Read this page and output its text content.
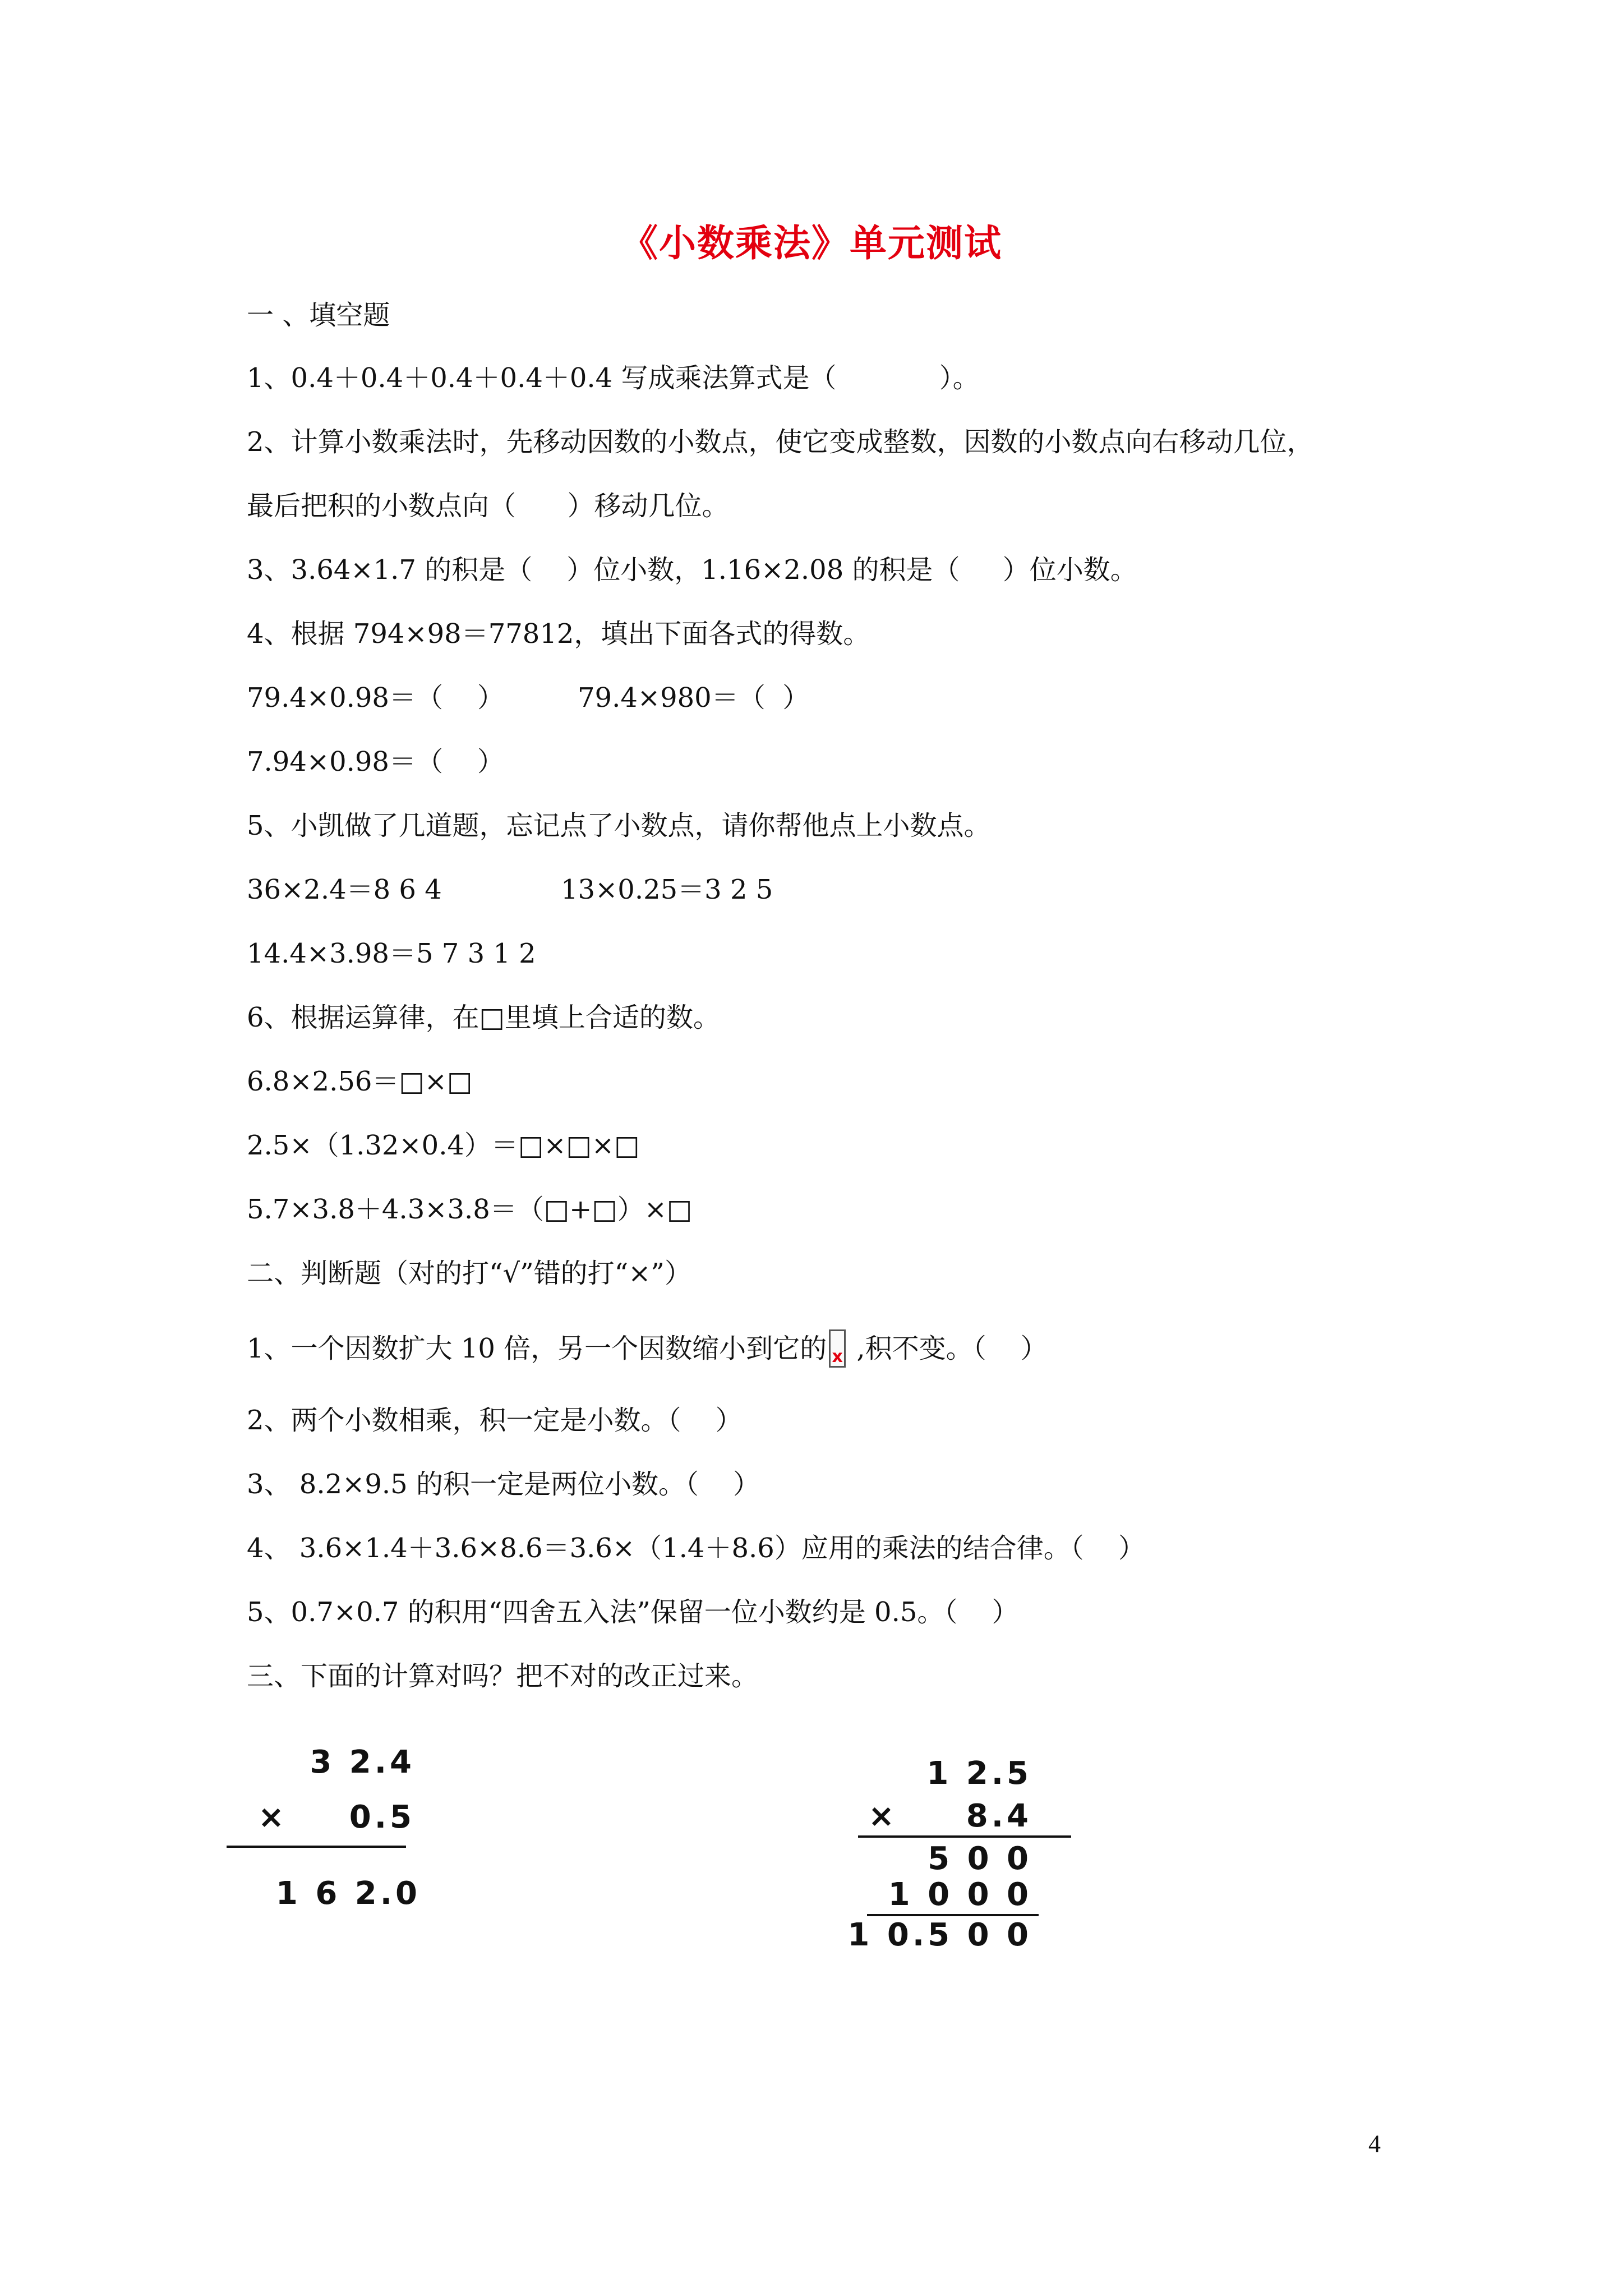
《小数乘法》单元测试
一 、填空题
1、0.4＋0.4＋0.4＋0.4＋0.4 写成乘法算式是（            ）。
2、计算小数乘法时，先移动因数的小数点，使它变成整数，因数的小数点向右移动几位，
最后把积的小数点向（      ）移动几位。
3、3.64×1.7 的积是（    ）位小数，1.16×2.08 的积是（     ）位小数。
4、根据 794×98＝77812，填出下面各式的得数。
79.4×0.98＝（    ）	79.4×980＝（  ）
7.94×0.98＝（    ）
5、小凯做了几道题，忘记点了小数点，请你帮他点上小数点。
36×2.4＝8 6 4	13×0.25＝3 2 5
14.4×3.98＝5 7 3 1 2
6、根据运算律，在□里填上合适的数。
6.8×2.56＝□×□
2.5×（1.32×0.4）＝□×□×□
5.7×3.8＋4.3×3.8＝（□+□）×□
二、判断题（对的打“√”错的打“×”）
1、一个因数扩大 10 倍，另一个因数缩小到它的 x ,积不变。（    ）
2、两个小数相乘，积一定是小数。（    ）
3、 8.2×9.5 的积一定是两位小数。（    ）
4、 3.6×1.4＋3.6×8.6＝3.6×（1.4＋8.6）应用的乘法的结合律。（    ）
5、0.7×0.7 的积用“四舍五入法”保留一位小数约是 0.5。（    ）
三、下面的计算对吗？把不对的改正过来。
3 2.4
×	0.5
1 6 2.0
1 2.5
×	8.4
5 0 0
1 0 0 0
1 0.5 0 0
4
